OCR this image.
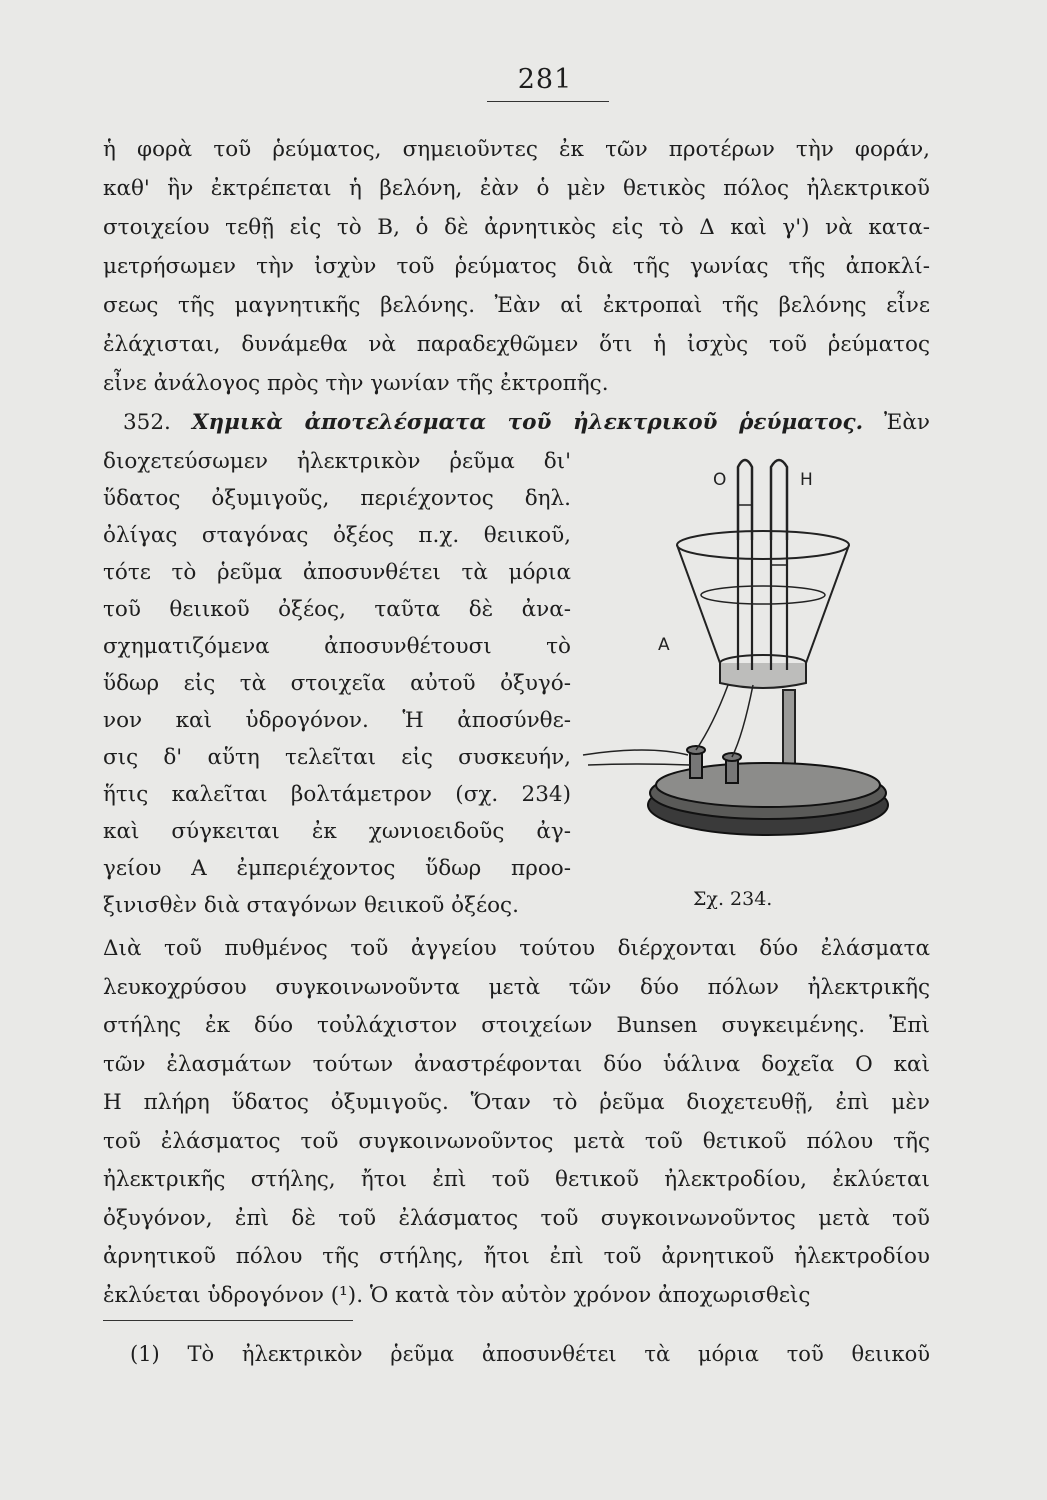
281
ἡ φορὰ τοῦ ῥεύματος, σημειοῦντες ἐκ τῶν προτέρων τὴν φοράν,
καθ' ἣν ἐκτρέπεται ἡ βελόνη, ἐὰν ὁ μὲν θετικὸς πόλος ἠλεκτρικοῦ
στοιχείου τεθῇ εἰς τὸ Β, ὁ δὲ ἀρνητικὸς εἰς τὸ Δ καὶ γ') νὰ κατα-
μετρήσωμεν τὴν ἰσχὺν τοῦ ῥεύματος διὰ τῆς γωνίας τῆς ἀποκλί-
σεως τῆς μαγνητικῆς βελόνης. Ἐὰν αἱ ἐκτροπαὶ τῆς βελόνης εἶνε
ἐλάχισται, δυνάμεθα νὰ παραδεχθῶμεν ὅτι ἡ ἰσχὺς τοῦ ῥεύματος
εἶνε ἀνάλογος πρὸς τὴν γωνίαν τῆς ἐκτροπῆς.
352. Χημικὰ ἀποτελέσματα τοῦ ἠλεκτρικοῦ ῥεύματος. Ἐὰν
διοχετεύσωμεν ἠλεκτρικὸν ῥεῦμα δι'
ὕδατος ὀξυμιγοῦς, περιέχοντος δηλ.
ὀλίγας σταγόνας ὀξέος π.χ. θειικοῦ,
τότε τὸ ῥεῦμα ἀποσυνθέτει τὰ μόρια
τοῦ θειικοῦ ὀξέος, ταῦτα δὲ ἀνα-
σχηματιζόμενα ἀποσυνθέτουσι τὸ
ὕδωρ εἰς τὰ στοιχεῖα αὐτοῦ ὀξυγό-
νον καὶ ὑδρογόνον. Ἡ ἀποσύνθε-
σις δ' αὕτη τελεῖται εἰς συσκευήν,
ἥτις καλεῖται βολτάμετρον (σχ. 234)
καὶ σύγκειται ἐκ χωνιοειδοῦς ἀγ-
γείου Α ἐμπεριέχοντος ὕδωρ προο-
ξινισθὲν διὰ σταγόνων θειικοῦ ὀξέος.
Διὰ τοῦ πυθμένος τοῦ ἀγγείου τούτου διέρχονται δύο ἐλάσματα
λευκοχρύσου συγκοινωνοῦντα μετὰ τῶν δύο πόλων ἠλεκτρικῆς
στήλης ἐκ δύο τοὐλάχιστον στοιχείων Bunsen συγκειμένης. Ἐπὶ
τῶν ἐλασμάτων τούτων ἀναστρέφονται δύο ὑάλινα δοχεῖα Ο καὶ
Η πλήρη ὕδατος ὀξυμιγοῦς. Ὅταν τὸ ῥεῦμα διοχετευθῇ, ἐπὶ μὲν
τοῦ ἐλάσματος τοῦ συγκοινωνοῦντος μετὰ τοῦ θετικοῦ πόλου τῆς
ἠλεκτρικῆς στήλης, ἤτοι ἐπὶ τοῦ θετικοῦ ἠλεκτροδίου, ἐκλύεται
O	H
A
Σχ. 234.
(1) Τὸ ἠλεκτρικὸν ῥεῦμα ἀποσυνθέτει τὰ μόρια τοῦ θειικοῦ
ὀξυγόνον, ἐπὶ δὲ τοῦ ἐλάσματος τοῦ συγκοινωνοῦντος μετὰ τοῦ
ἀρνητικοῦ πόλου τῆς στήλης, ἤτοι ἐπὶ τοῦ ἀρνητικοῦ ἠλεκτροδίου
ἐκλύεται ὑδρογόνον (¹). Ὁ κατὰ τὸν αὐτὸν χρόνον ἀποχωρισθεὶς
